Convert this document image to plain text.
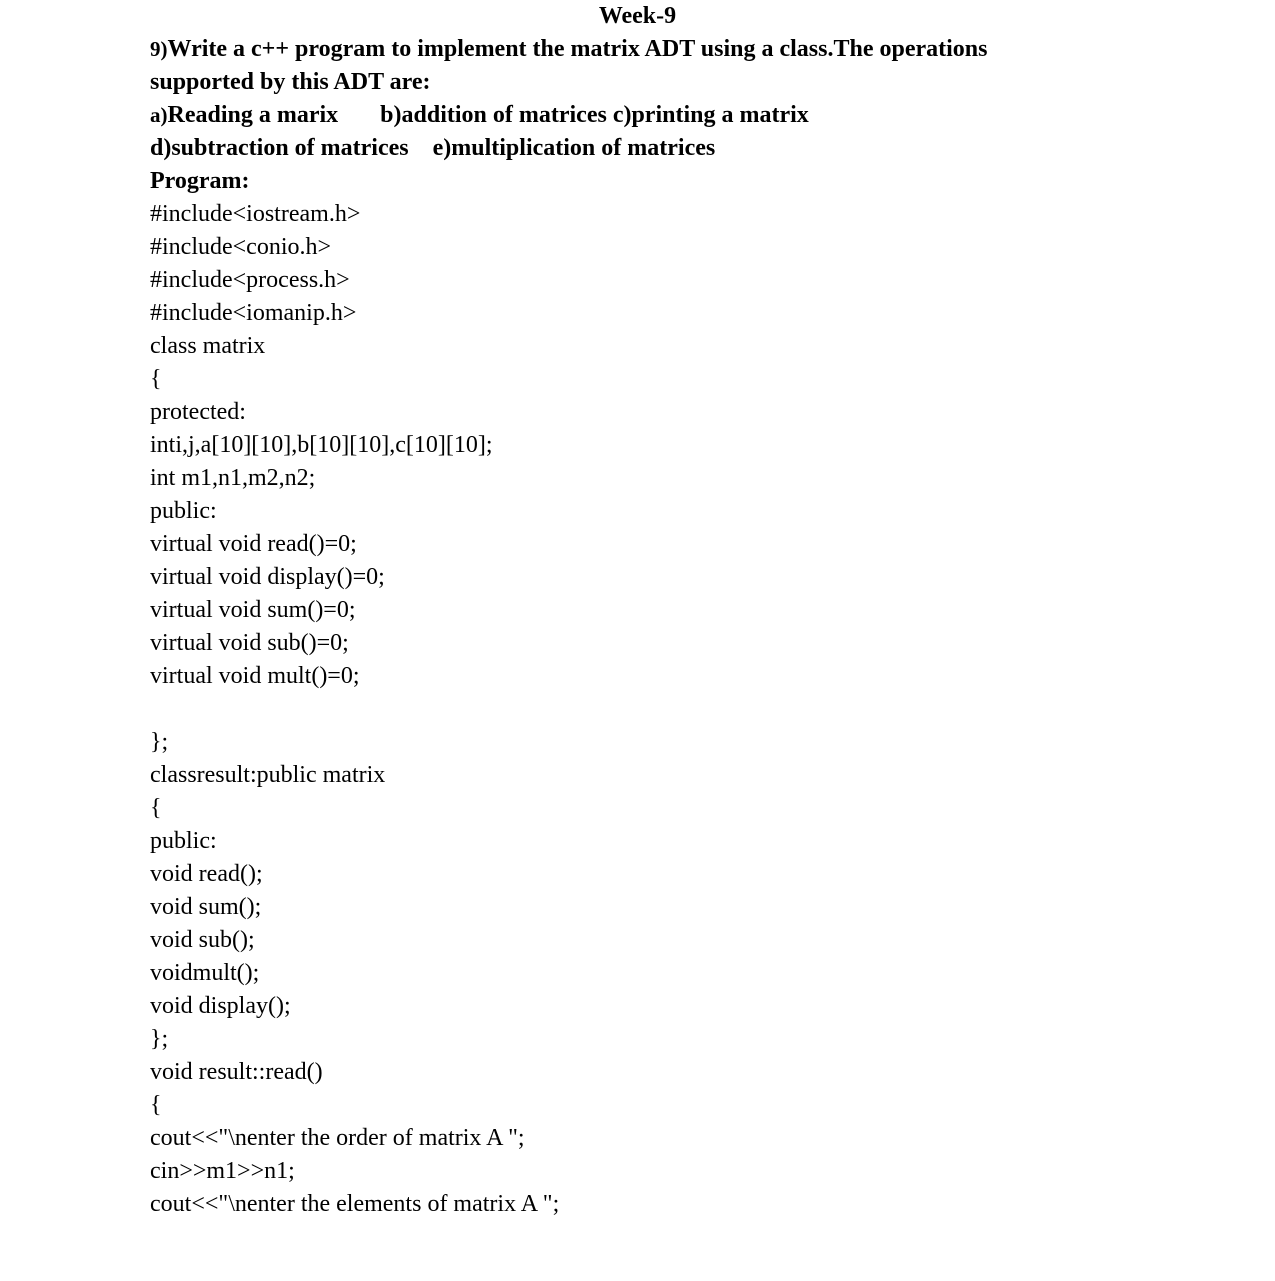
Week-9
9)Write a c++ program to implement the matrix ADT using a class.The operations
supported by this ADT are:
a)Reading a marix       b)addition of matrices c)printing a matrix
d)subtraction of matrices    e)multiplication of matrices
Program:
#include<iostream.h>
#include<conio.h>
#include<process.h>
#include<iomanip.h>
class matrix
{
protected:
inti,j,a[10][10],b[10][10],c[10][10];
int m1,n1,m2,n2;
public:
virtual void read()=0;
virtual void display()=0;
virtual void sum()=0;
virtual void sub()=0;
virtual void mult()=0;
};
classresult:public matrix
{
public:
void read();
void sum();
void sub();
voidmult();
void display();
};
void result::read()
{
cout<<"\nenter the order of matrix A ";
cin>>m1>>n1;
cout<<"\nenter the elements of matrix A ";
